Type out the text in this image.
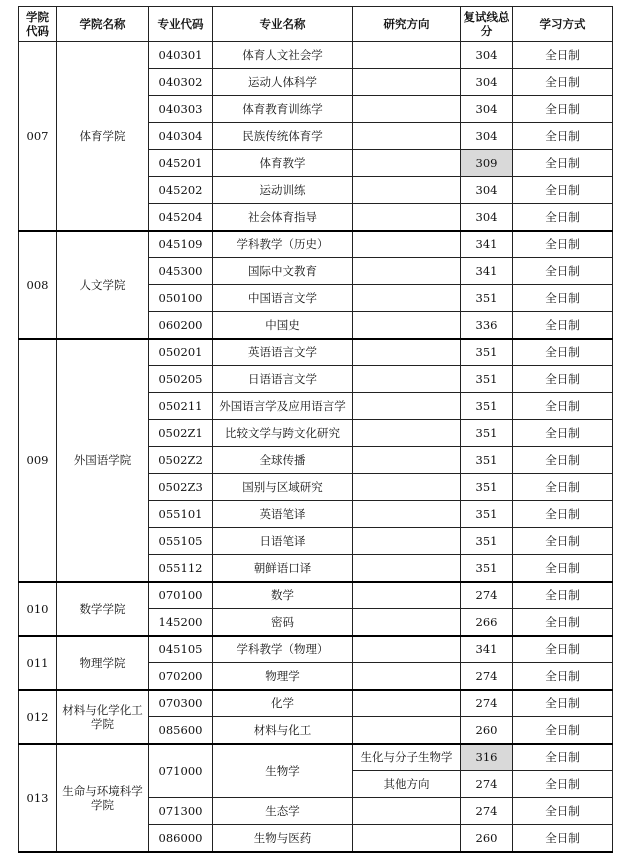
学院代码	学院名称	专业代码	专业名称	研究方向	复试线总分	学习方式
007	体育学院	040301	体育人文社会学		304	全日制
		040302	运动人体科学		304	全日制
		040303	体育教育训练学		304	全日制
		040304	民族传统体育学		304	全日制
		045201	体育教学		309	全日制
		045202	运动训练		304	全日制
		045204	社会体育指导		304	全日制
008	人文学院	045109	学科教学（历史）		341	全日制
		045300	国际中文教育		341	全日制
		050100	中国语言文学		351	全日制
		060200	中国史		336	全日制
009	外国语学院	050201	英语语言文学		351	全日制
		050205	日语语言文学		351	全日制
		050211	外国语言学及应用语言学		351	全日制
		0502Z1	比较文学与跨文化研究		351	全日制
		0502Z2	全球传播		351	全日制
		0502Z3	国别与区域研究		351	全日制
		055101	英语笔译		351	全日制
		055105	日语笔译		351	全日制
		055112	朝鲜语口译		351	全日制
010	数学学院	070100	数学		274	全日制
		145200	密码		266	全日制
011	物理学院	045105	学科教学（物理）		341	全日制
		070200	物理学		274	全日制
012	材料与化学化工学院	070300	化学		274	全日制
		085600	材料与化工		260	全日制
013	生命与环境科学学院	071000	生物学	生化与分子生物学	316	全日制
				其他方向	274	全日制
		071300	生态学		274	全日制
		086000	生物与医药		260	全日制
